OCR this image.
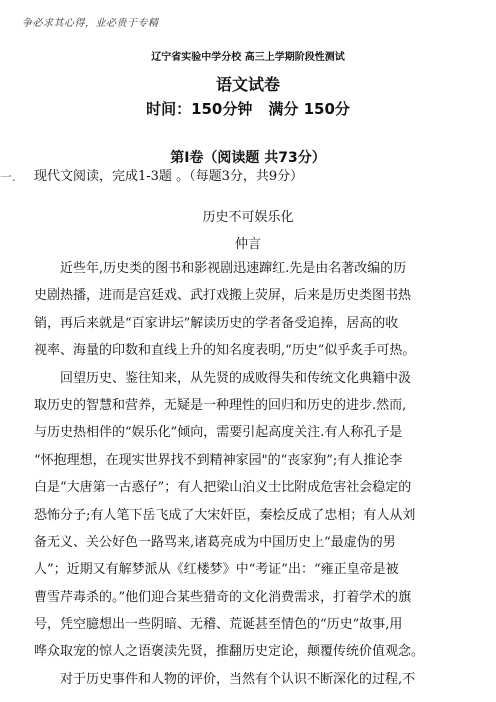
争必求其心得，业必贵于专精
辽宁省实验中学分校 高三上学期阶段性测试
语文试卷
时间：150分钟 满分 150分
第I卷（阅读题 共73分）
一. 现代文阅读，完成1-3题 。（每题3分，共9分）
历史不可娱乐化
仲言
　　近些年,历史类的图书和影视剧迅速蹿红.先是由名著改编的历
史剧热播，进而是宫廷戏、武打戏搬上荧屏，后来是历史类图书热
销，再后来就是“百家讲坛”解读历史的学者备受追捧，居高的收
视率、海量的印数和直线上升的知名度表明,“历史”似乎炙手可热。
　　回望历史、鉴往知来，从先贤的成败得失和传统文化典籍中汲
取历史的智慧和营养，无疑是一种理性的回归和历史的进步.然而,
与历史热相伴的“娱乐化”倾向，需要引起高度关注.有人称孔子是
“怀抱理想，在现实世界找不到精神家园"的“丧家狗”;有人推论李
白是“大唐第一古惑仔”；有人把梁山泊义士比附成危害社会稳定的
恐怖分子;有人笔下岳飞成了大宋奸臣，秦桧反成了忠相；有人从刘
备无义、关公好色一路骂来,诸葛亮成为中国历史上“最虚伪的男
人”；近期又有解梦派从《红楼梦》中“考证”出：“雍正皇帝是被
曹雪芹毒杀的。”他们迎合某些猎奇的文化消费需求，打着学术的旗
号，凭空臆想出一些阴暗、无稽、荒诞甚至情色的“历史”故事,用
哗众取宠的惊人之语褒渎先贤，推翻历史定论，颠覆传统价值观念。
　　对于历史事件和人物的评价，当然有个认识不断深化的过程,不
